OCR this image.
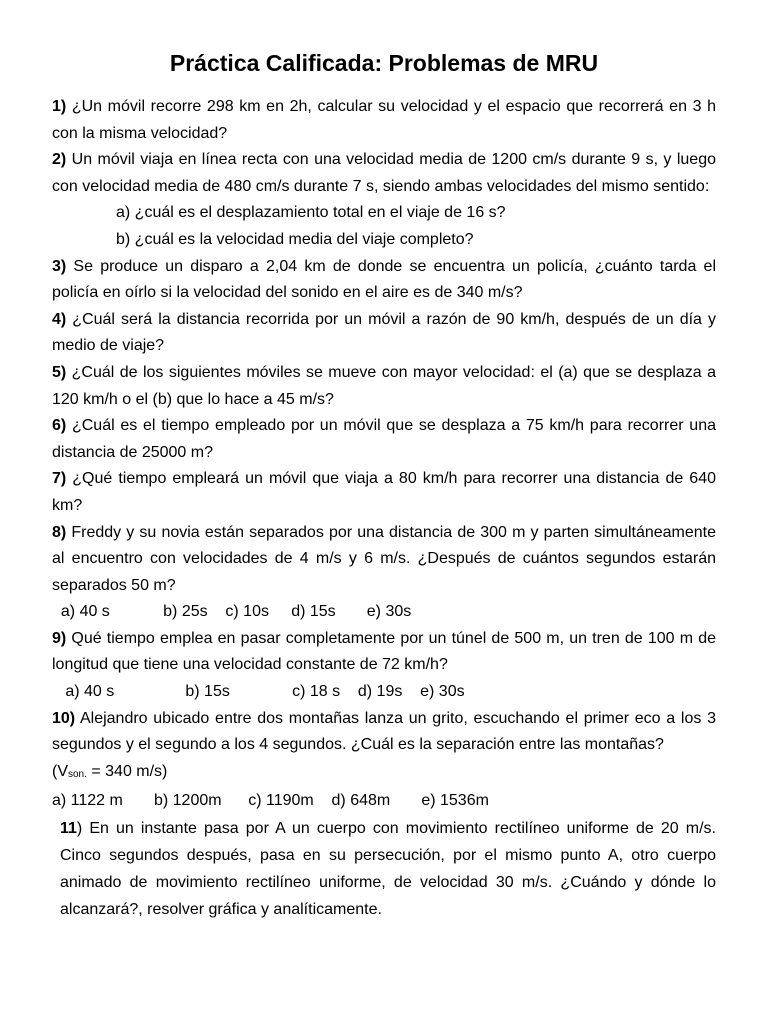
Práctica Calificada: Problemas de MRU
1) ¿Un móvil recorre 298 km en 2h, calcular su velocidad y el espacio que recorrerá en 3 h con la misma velocidad?
2) Un móvil viaja en línea recta con una velocidad media de 1200 cm/s durante 9 s, y luego con velocidad media de 480 cm/s durante 7 s, siendo ambas velocidades del mismo sentido:
a) ¿cuál es el desplazamiento total en el viaje de 16 s?
b) ¿cuál es la velocidad media del viaje completo?
3) Se produce un disparo a 2,04 km de donde se encuentra un policía, ¿cuánto tarda el policía en oírlo si la velocidad del sonido en el aire es de 340 m/s?
4) ¿Cuál será la distancia recorrida por un móvil a razón de 90 km/h, después de un día y medio de viaje?
5) ¿Cuál de los siguientes móviles se mueve con mayor velocidad: el (a) que se desplaza a 120 km/h o el (b) que lo hace a 45 m/s?
6) ¿Cuál es el tiempo empleado por un móvil que se desplaza a 75 km/h para recorrer una distancia de 25000 m?
7) ¿Qué tiempo empleará un móvil que viaja a 80 km/h para recorrer una distancia de 640 km?
8) Freddy y su novia están separados por una distancia de 300 m y parten simultáneamente al encuentro con velocidades de 4 m/s y 6 m/s. ¿Después de cuántos segundos estarán separados 50 m?
a) 40 s            b) 25s    c) 10s     d) 15s       e) 30s
9) Qué tiempo emplea en pasar completamente por un túnel de 500 m, un tren de 100 m de longitud que tiene una velocidad constante de 72 km/h?
a) 40 s                b) 15s              c) 18 s    d) 19s    e) 30s
10) Alejandro ubicado entre dos montañas lanza un grito, escuchando el primer eco a los 3 segundos y el segundo a los 4 segundos. ¿Cuál es la separación entre las montañas?
($V_{son.} = 340$ m/s)
a) 1122 m       b) 1200m      c) 1190m    d) 648m       e) 1536m
11) En un instante pasa por A un cuerpo con movimiento rectilíneo uniforme de 20 m/s. Cinco segundos después, pasa en su persecución, por el mismo punto A, otro cuerpo animado de movimiento rectilíneo uniforme, de velocidad 30 m/s. ¿Cuándo y dónde lo alcanzará?, resolver gráfica y analíticamente.
